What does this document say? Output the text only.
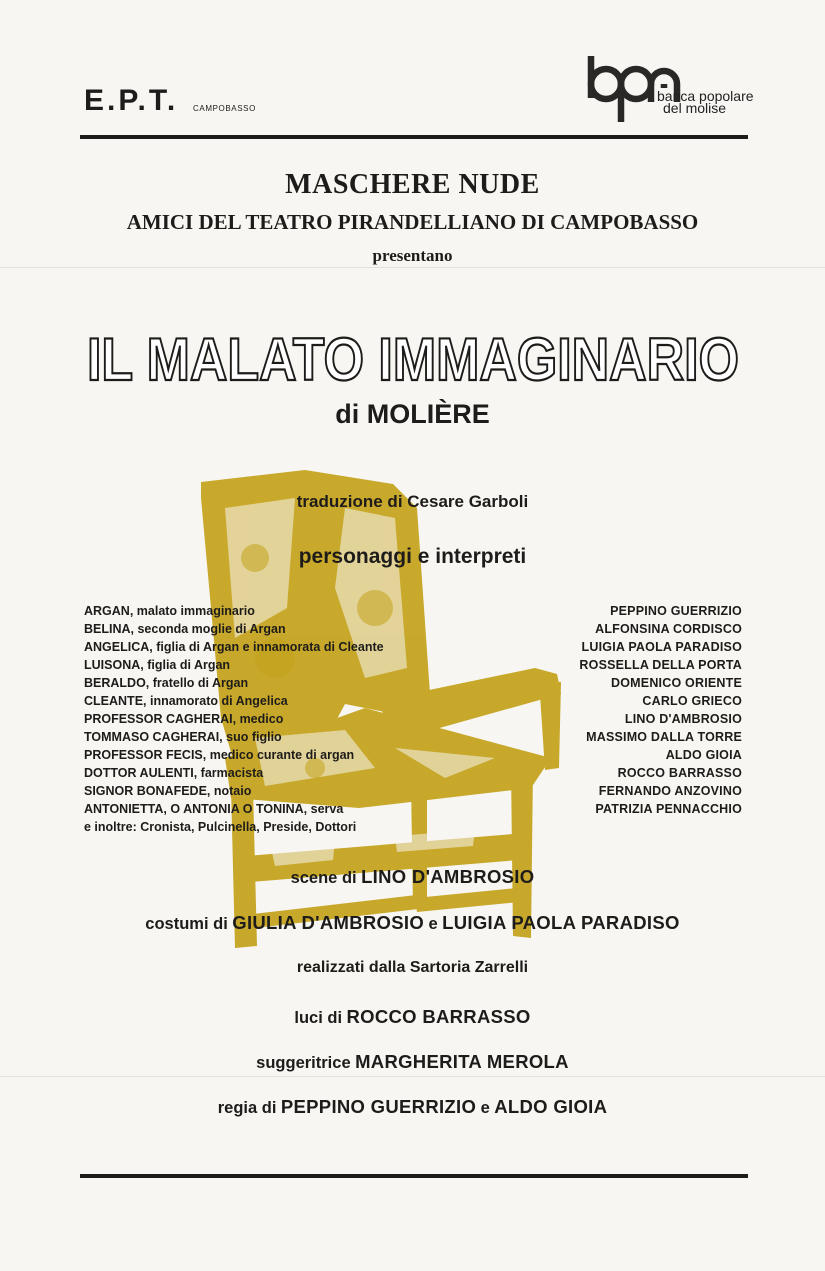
E.P.T. CAMPOBASSO
banca popolare
del molise
MASCHERE NUDE
AMICI DEL TEATRO PIRANDELLIANO DI CAMPOBASSO
presentano
IL MALATO IMMAGINARIO
di MOLIÈRE
traduzione di Cesare Garboli
personaggi e interpreti
ARGAN, malato immaginario	PEPPINO GUERRIZIO
BELINA, seconda moglie di Argan	ALFONSINA CORDISCO
ANGELICA, figlia di Argan e innamorata di Cleante	LUIGIA PAOLA PARADISO
LUISONA, figlia di Argan	ROSSELLA DELLA PORTA
BERALDO, fratello di Argan	DOMENICO ORIENTE
CLEANTE, innamorato di Angelica	CARLO GRIECO
PROFESSOR CAGHERAI, medico	LINO D'AMBROSIO
TOMMASO CAGHERAI, suo figlio	MASSIMO DALLA TORRE
PROFESSOR FECIS, medico curante di argan	ALDO GIOIA
DOTTOR AULENTI, farmacista	ROCCO BARRASSO
SIGNOR BONAFEDE, notaio	FERNANDO ANZOVINO
ANTONIETTA, O ANTONIA O TONINA, serva	PATRIZIA PENNACCHIO
e inoltre: Cronista, Pulcinella, Preside, Dottori
scene di LINO D'AMBROSIO
costumi di GIULIA D'AMBROSIO e LUIGIA PAOLA PARADISO
realizzati dalla Sartoria Zarrelli
luci di ROCCO BARRASSO
suggeritrice MARGHERITA MEROLA
regia di PEPPINO GUERRIZIO e ALDO GIOIA
